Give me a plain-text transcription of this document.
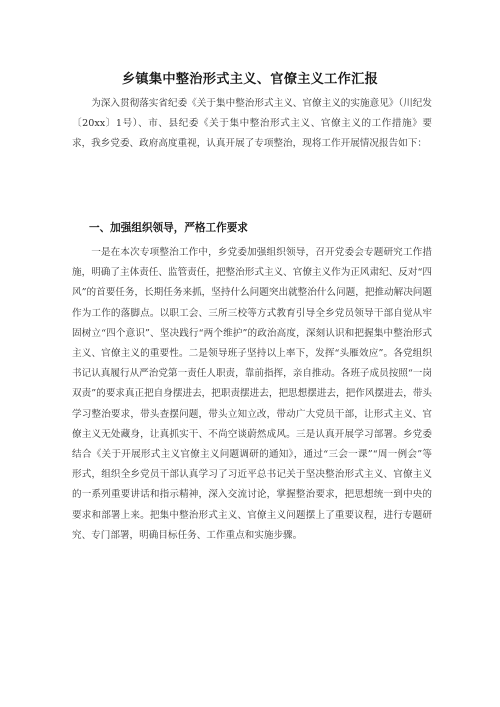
乡镇集中整治形式主义、官僚主义工作汇报

为深入贯彻落实省纪委《关于集中整治形式主义、官僚主义的实施意见》（川纪发〔20xx〕1号）、市、县纪委《关于集中整治形式主义、官僚主义的工作措施》要求，我乡党委、政府高度重视，认真开展了专项整治，现将工作开展情况报告如下：

一、加强组织领导，严格工作要求

一是在本次专项整治工作中，乡党委加强组织领导，召开党委会专题研究工作措施，明确了主体责任、监管责任，把整治形式主义、官僚主义作为正风肃纪、反对“四风”的首要任务，长期任务来抓，坚持什么问题突出就整治什么问题，把推动解决问题作为工作的落脚点。以职工会、三所三校等方式教育引导全乡党员领导干部自觉从牢固树立“四个意识”、坚决践行“两个维护”的政治高度，深刻认识和把握集中整治形式主义、官僚主义的重要性。二是领导班子坚持以上率下，发挥“头雁效应”。各党组织书记认真履行从严治党第一责任人职责，靠前指挥，亲自推动。各班子成员按照“一岗双责”的要求真正把自身摆进去，把职责摆进去，把思想摆进去，把作风摆进去，带头学习整治要求，带头查摆问题，带头立知立改，带动广大党员干部，让形式主义、官僚主义无处藏身，让真抓实干、不尚空谈蔚然成风。三是认真开展学习部署。乡党委结合《关于开展形式主义官僚主义问题调研的通知》，通过“三会一课”“周一例会”等形式，组织全乡党员干部认真学习了习近平总书记关于坚决整治形式主义、官僚主义的一系列重要讲话和指示精神，深入交流讨论，掌握整治要求，把思想统一到中央的要求和部署上来。把集中整治形式主义、官僚主义问题摆上了重要议程，进行专题研究、专门部署，明确目标任务、工作重点和实施步骤。
